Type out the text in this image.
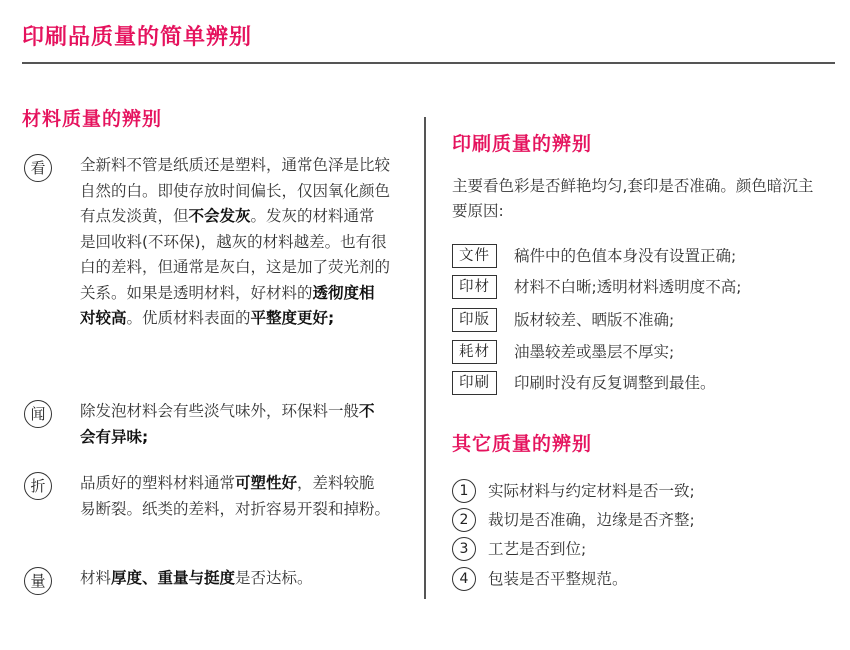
印刷品质量的简单辨别
材料质量的辨别
看	全新料不管是纸质还是塑料，通常色泽是比较自然的白。即使存放时间偏长，仅因氧化颜色有点发淡黄，但不会发灰。发灰的材料通常是回收料(不环保)，越灰的材料越差。也有很白的差料，但通常是灰白，这是加了荧光剂的关系。如果是透明材料，好材料的透彻度相对较高。优质材料表面的平整度更好;
闻	除发泡材料会有些淡气味外，环保料一般不会有异味;
折	品质好的塑料材料通常可塑性好，差料较脆易断裂。纸类的差料，对折容易开裂和掉粉。
量	材料厚度、重量与挺度是否达标。
印刷质量的辨别
主要看色彩是否鲜艳均匀,套印是否准确。颜色暗沉主要原因:
文件	稿件中的色值本身没有设置正确;
印材	材料不白晰;透明材料透明度不高;
印版	版材较差、晒版不准确;
耗材	油墨较差或墨层不厚实;
印刷	印刷时没有反复调整到最佳。
其它质量的辨别
1	实际材料与约定材料是否一致;
2	裁切是否准确，边缘是否齐整;
3	工艺是否到位;
4	包装是否平整规范。
